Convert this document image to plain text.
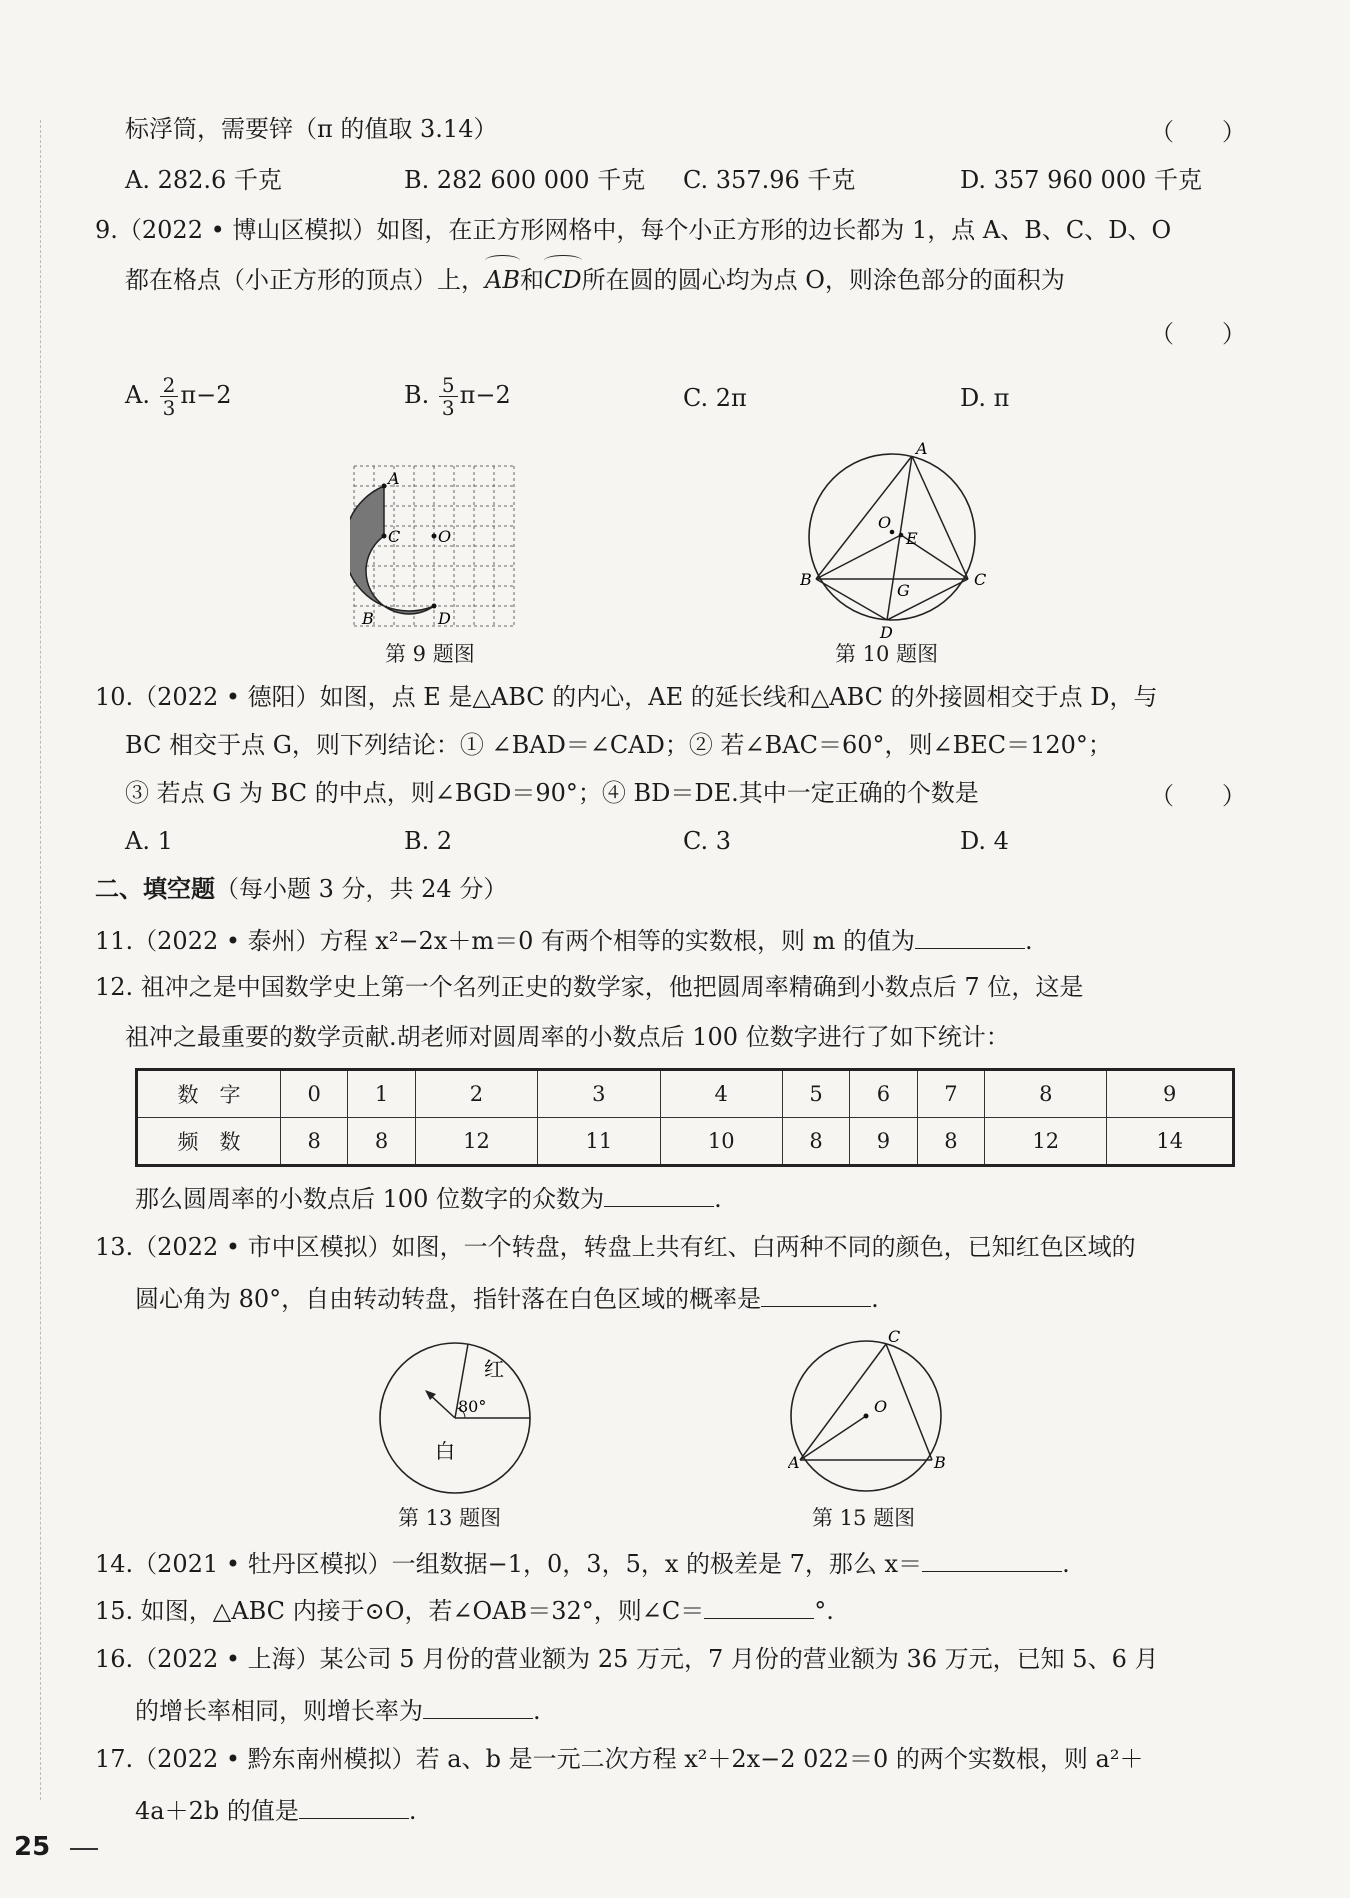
标浮筒，需要锌（π 的值取 3.14）	（　　）
A. 282.6 千克	B. 282 600 000 千克 C. 357.96 千克	D. 357 960 000 千克
9.（2022 • 博山区模拟）如图，在正方形网格中，每个小正方形的边长都为 1，点 A、B、C、D、O
都在格点（小正方形的顶点）上，
AB和
CD所在圆的圆心均为点 O，则涂色部分的面积为
（　　）
A. $\frac{2}{3} \pi-2$	B. $\frac{5}{3} \pi-2$	C. 2π	D. π
A
C O
B	D
第 9 题图
A
O
E
B	C
G
D
第 10 题图
10.（2022 • 德阳）如图，点 E 是△ABC 的内心，AE 的延长线和△ABC 的外接圆相交于点 D，与
BC 相交于点 G，则下列结论：① ∠BAD＝∠CAD；② 若∠BAC＝60°，则∠BEC＝120°；
③ 若点 G 为 BC 的中点，则∠BGD＝90°；④ BD＝DE.其中一定正确的个数是	（　　）
A. 1	B. 2	C. 3	D. 4
二、填空题（每小题 3 分，共 24 分）
11.（2022 • 泰州）方程 x²−2x＋m＝0 有两个相等的实数根，则 m 的值为	.
12. 祖冲之是中国数学史上第一个名列正史的数学家，他把圆周率精确到小数点后 7 位，这是
祖冲之最重要的数学贡献.胡老师对圆周率的小数点后 100 位数字进行了如下统计：
数　字	0	1	2	3	4	5	6	7	8	9
频　数	8	8	12	11	10	8	9	8	12	14
那么圆周率的小数点后 100 位数字的众数为	.
13.（2022 • 市中区模拟）如图，一个转盘，转盘上共有红、白两种不同的颜色，已知红色区域的
圆心角为 80°，自由转动转盘，指针落在白色区域的概率是	.
红
80°
白
第 13 题图
C
O
A	B
第 15 题图
14.（2021 • 牡丹区模拟）一组数据−1，0，3，5，x 的极差是 7，那么 x＝	.
15. 如图，△ABC 内接于⊙O，若∠OAB＝32°，则∠C＝	°.
16.（2022 • 上海）某公司 5 月份的营业额为 25 万元，7 月份的营业额为 36 万元，已知 5、6 月
的增长率相同，则增长率为	.
17.（2022 • 黔东南州模拟）若 a、b 是一元二次方程 x²＋2x−2 022＝0 的两个实数根，则 a²＋
4a＋2b 的值是	.
25
